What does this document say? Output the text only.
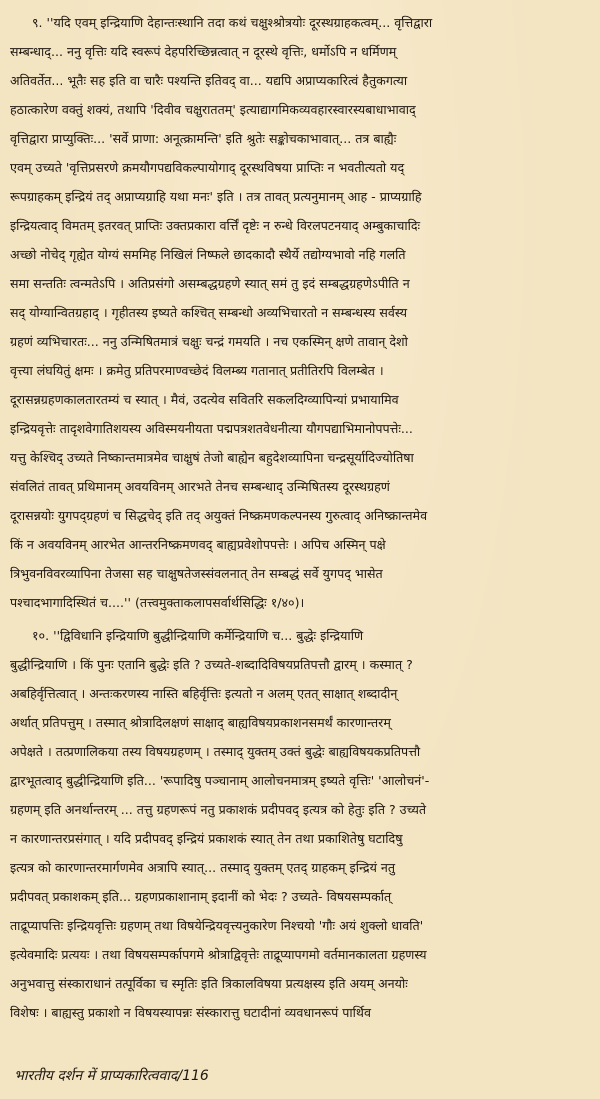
९. ''यदि एवम् इन्द्रियाणि देहान्तःस्थानि तदा कथं चक्षुश्श्रोत्रयोः दूरस्थग्राहकत्वम्... वृत्तिद्वारा
सम्बन्धाद्... ननु वृत्तिः यदि स्वरूपं देहपरिच्छिन्नत्वात् न दूरस्थे वृत्तिः, धर्मोऽपि न धर्मिणम्
अतिवर्तेत... भूतैः सह इति वा चारैः पश्यन्ति इतिवद् वा... यद्यपि अप्राप्यकारित्वं हैतुकगत्या
हठात्कारेण वक्तुं शक्यं, तथापि 'दिवीव चक्षुराततम्' इत्याद्यागमिकव्यवहारस्वारस्यबाधाभावाद्
वृत्तिद्वारा प्राप्युक्तिः... 'सर्वे प्राणा: अनूत्क्रामन्ति' इति श्रुतेः सङ्कोचकाभावात्... तत्र बाह्यैः
एवम् उच्यते 'वृत्तिप्रसरणे क्रमयौगपद्यविकल्पायोगाद् दूरस्थविषया प्राप्तिः न भवतीत्यतो यद्
रूपग्राहकम् इन्द्रियं तद् अप्राप्यग्राहि यथा मनः' इति । तत्र तावत् प्रत्यनुमानम् आह - प्राप्यग्राहि
इन्द्रियत्वाद् विमतम् इतरवत् प्राप्तिः उक्तप्रकारा वर्त्तिं दृष्टेः न रुन्धे विरलपटनयाद् अम्बुकाचादिः
अच्छो नोचेद् गृह्येत योग्यं सममिह निखिलं निष्फले छादकादौ स्थैर्ये तद्योग्यभावो नहि गलति
समा सन्ततिः त्वन्मतेऽपि । अतिप्रसंगो असम्बद्धग्रहणे स्यात् समं तु इदं सम्बद्धग्रहणेऽपीति न
सद् योग्यान्वितग्रहाद् । गृहीतस्य इष्यते कश्चित् सम्बन्धो अव्यभिचारतो न सम्बन्धस्य सर्वस्य
ग्रहणं व्यभिचारतः... ननु उन्मिषितमात्रं चक्षुः चन्द्रं गमयति । नच एकस्मिन् क्षणे तावान् देशो
वृत्त्या लंघयितुं क्षमः । क्रमेतु प्रतिपरमाण्वच्छेदं विलम्ब्य गतानात् प्रतीतिरपि विलम्बेत ।
दूरासन्नग्रहणकालतारतम्यं च स्यात् । मैवं, उदत्येव सवितरि सकलदिग्व्यापिन्यां प्रभायामिव
इन्द्रियवृत्तेः तादृशवेगातिशयस्य अविस्मयनीयता पद्मपत्रशतवेधनीत्या यौगपद्याभिमानोपपत्तेः...
यत्तु केश्चिद् उच्यते निष्कान्तमात्रमेव चाक्षुषं तेजो बाह्येन बहुदेशव्यापिना चन्द्रसूर्यादिज्योतिषा
संवलितं तावत् प्रथिमानम् अवयविनम् आरभते तेनच सम्बन्धाद् उन्मिषितस्य दूरस्थग्रहणं
दूरासन्नयोः युगपद्ग्रहणं च सिद्धचेद् इति तद् अयुक्तं निष्क्रमणकल्पनस्य गुरुत्वाद् अनिष्क्रान्तमेव
किं न अवयविनम् आरभेत आन्तरनिष्क्रमणवद् बाह्यप्रवेशोपपत्तेः । अपिच अस्मिन् पक्षे
त्रिभुवनविवरव्यापिना तेजसा सह चाक्षुषतेजस्संवलनात् तेन सम्बद्धं सर्वे युगपद् भासेत
पश्चादभागादिस्थितं च....'' (तत्त्वमुक्ताकलापसर्वार्थसिद्धिः १/४०)।
१०. ''द्विविधानि इन्द्रियाणि बुद्धीन्द्रियाणि कर्मेन्द्रियाणि च... बुद्धेः इन्द्रियाणि
बुद्धीन्द्रियाणि । किं पुनः एतानि बुद्धेः इति ? उच्यते-शब्दादिविषयप्रतिपत्तौ द्वारम् । कस्मात् ?
अबहिर्वृत्तित्वात् । अन्तःकरणस्य नास्ति बहिर्वृत्तिः इत्यतो न अलम् एतत् साक्षात् शब्दादीन्
अर्थात् प्रतिपत्तुम् । तस्मात् श्रोत्रादिलक्षणं साक्षाद् बाह्यविषयप्रकाशनसमर्थं कारणान्तरम्
अपेक्षते । तत्प्रणालिकया तस्य विषयग्रहणम् । तस्माद् युक्तम् उक्तं बुद्धेः बाह्यविषयकप्रतिपत्तौ
द्वारभूतत्वाद् बुद्धीन्द्रियाणि इति... 'रूपादिषु पञ्चानाम् आलोचनमात्रम् इष्यते वृत्तिः' 'आलोचनं'-
ग्रहणम् इति अनर्थान्तरम् ... तत्तु ग्रहणरूपं नतु प्रकाशकं प्रदीपवद् इत्यत्र को हेतुः इति ? उच्यते
न कारणान्तरप्रसंगात् । यदि प्रदीपवद् इन्द्रियं प्रकाशकं स्यात् तेन तथा प्रकाशितेषु घटादिषु
इत्यत्र को कारणान्तरमार्गणमेव अत्रापि स्यात्... तस्माद् युक्तम् एतद् ग्राहकम् इन्द्रियं नतु
प्रदीपवत् प्रकाशकम् इति... ग्रहणप्रकाशानाम् इदानीं को भेदः ? उच्यते- विषयसम्पर्कात्
ताद्रूप्यापत्तिः इन्द्रियवृत्तिः ग्रहणम् तथा विषयेन्द्रियवृत्त्यनुकारेण निश्चयो 'गौः अयं शुक्लो धावति'
इत्येवमादिः प्रत्ययः । तथा विषयसम्पर्कापगमे श्रोत्राद्विवृत्तेः ताद्रूप्यापगमो वर्तमानकालता ग्रहणस्य
अनुभवात्तु संस्काराधानं तत्पूर्विका च स्मृतिः इति त्रिकालविषया प्रत्यक्षस्य इति अयम् अनयोः
विशेषः । बाह्यस्तु प्रकाशो न विषयस्यापन्नः संस्कारात्तु घटादीनां व्यवधानरूपं पार्थिव
भारतीय दर्शन में प्राप्यकारित्ववाद/116
